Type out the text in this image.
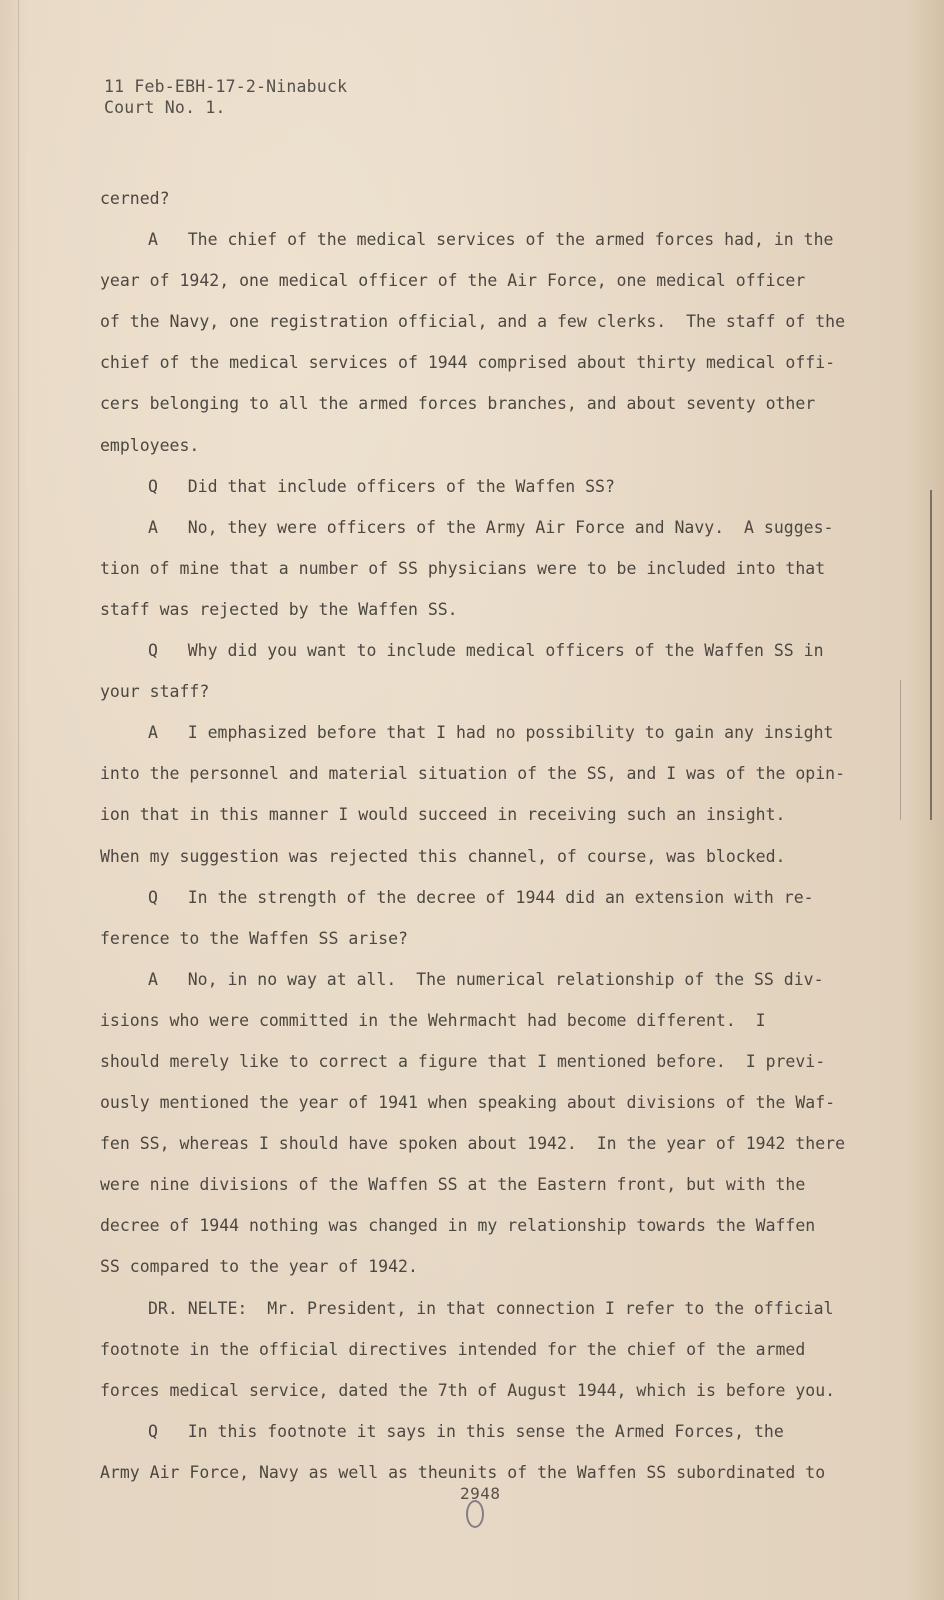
11 Feb-EBH-17-2-Ninabuck
Court No. 1.
cerned?
A   The chief of the medical services of the armed forces had, in the
year of 1942, one medical officer of the Air Force, one medical officer
of the Navy, one registration official, and a few clerks.  The staff of the
chief of the medical services of 1944 comprised about thirty medical offi-
cers belonging to all the armed forces branches, and about seventy other
employees.
Q   Did that include officers of the Waffen SS?
A   No, they were officers of the Army Air Force and Navy.  A sugges-
tion of mine that a number of SS physicians were to be included into that
staff was rejected by the Waffen SS.
Q   Why did you want to include medical officers of the Waffen SS in
your staff?
A   I emphasized before that I had no possibility to gain any insight
into the personnel and material situation of the SS, and I was of the opin-
ion that in this manner I would succeed in receiving such an insight.
When my suggestion was rejected this channel, of course, was blocked.
Q   In the strength of the decree of 1944 did an extension with re-
ference to the Waffen SS arise?
A   No, in no way at all.  The numerical relationship of the SS div-
isions who were committed in the Wehrmacht had become different.  I
should merely like to correct a figure that I mentioned before.  I previ-
ously mentioned the year of 1941 when speaking about divisions of the Waf-
fen SS, whereas I should have spoken about 1942.  In the year of 1942 there
were nine divisions of the Waffen SS at the Eastern front, but with the
decree of 1944 nothing was changed in my relationship towards the Waffen
SS compared to the year of 1942.
DR. NELTE:  Mr. President, in that connection I refer to the official
footnote in the official directives intended for the chief of the armed
forces medical service, dated the 7th of August 1944, which is before you.
Q   In this footnote it says in this sense the Armed Forces, the
Army Air Force, Navy as well as theunits of the Waffen SS subordinated to
2948
